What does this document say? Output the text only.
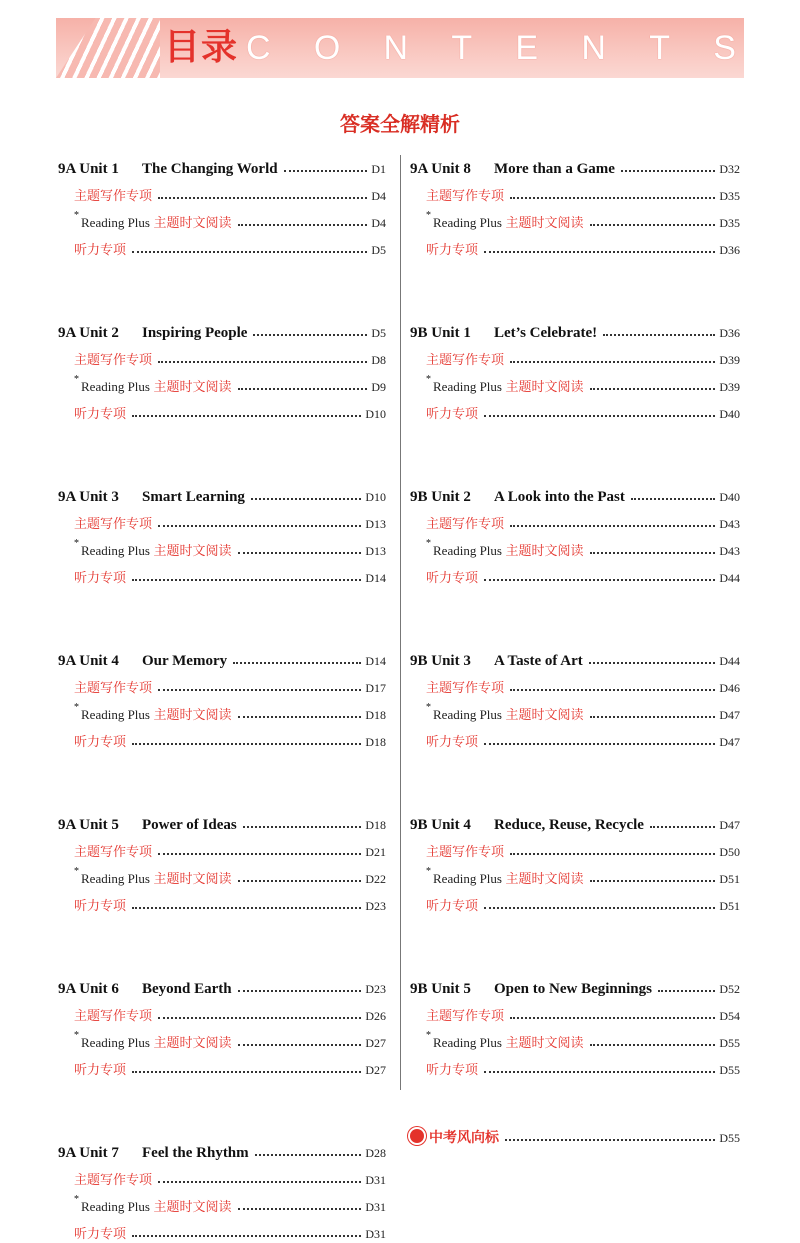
目录 C O N T E N T S
答案全解精析
9A Unit 1 The Changing World	D1
主题写作专项	D4
* Reading Plus 主题时文阅读	D4
听力专项	D5
9A Unit 2 Inspiring People	D5
主题写作专项	D8
* Reading Plus 主题时文阅读	D9
听力专项	D10
9A Unit 3 Smart Learning	D10
主题写作专项	D13
* Reading Plus 主题时文阅读	D13
听力专项	D14
9A Unit 4 Our Memory	D14
主题写作专项	D17
* Reading Plus 主题时文阅读	D18
听力专项	D18
9A Unit 5 Power of Ideas	D18
主题写作专项	D21
* Reading Plus 主题时文阅读	D22
听力专项	D23
9A Unit 6 Beyond Earth	D23
主题写作专项	D26
* Reading Plus 主题时文阅读	D27
听力专项	D27
9A Unit 7 Feel the Rhythm	D28
主题写作专项	D31
* Reading Plus 主题时文阅读	D31
听力专项	D31
9A Unit 8 More than a Game	D32
主题写作专项	D35
* Reading Plus 主题时文阅读	D35
听力专项	D36
9B Unit 1 Let’s Celebrate!	D36
主题写作专项	D39
* Reading Plus 主题时文阅读	D39
听力专项	D40
9B Unit 2 A Look into the Past	D40
主题写作专项	D43
* Reading Plus 主题时文阅读	D43
听力专项	D44
9B Unit 3 A Taste of Art	D44
主题写作专项	D46
* Reading Plus 主题时文阅读	D47
听力专项	D47
9B Unit 4 Reduce, Reuse, Recycle	D47
主题写作专项	D50
* Reading Plus 主题时文阅读	D51
听力专项	D51
9B Unit 5 Open to New Beginnings	D52
主题写作专项	D54
* Reading Plus 主题时文阅读	D55
听力专项	D55
中考风向标	D55
